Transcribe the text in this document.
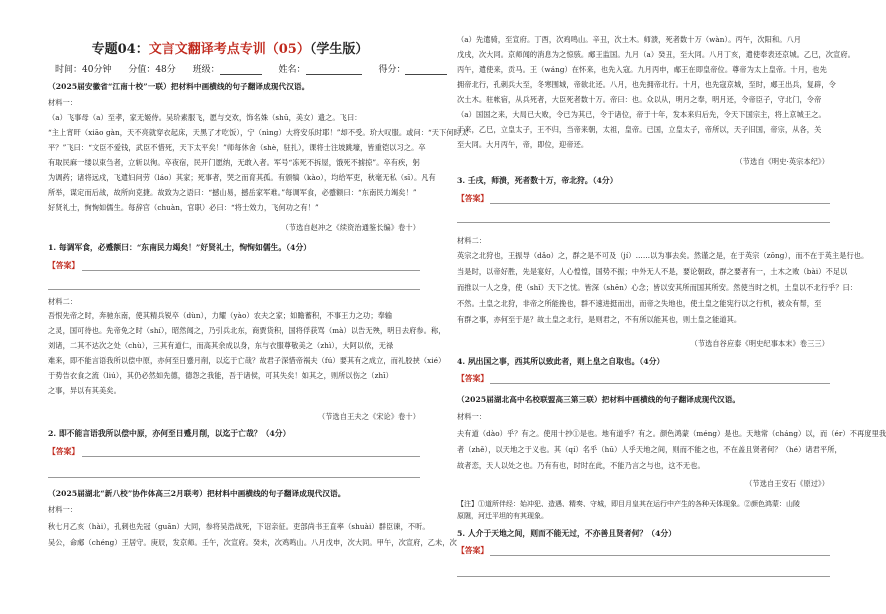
专题04：文言文翻译考点专训（05）（学生版）
时间：40分钟 分值：48分 班级：	姓名：	得分：
（2025届安徽省“江南十校”一联）把材料中画横线的句子翻译成现代汉语。
材料一：
（a）飞事母（a）至孝，家无姬侍。吴玠素服飞，愿与交欢，饰名姝（shū，美女）遗之。飞曰：
“主上宵旰（xiāo gàn，天不亮就穿衣起床，天黑了才吃饭），宁（nìng）大将安乐时耶！”却不受。玠大叹服。或问：“天下何时太
平？”飞曰：“文臣不爱钱，武臣不惜死，天下太平矣！”师每休舍（shè，驻扎），课将士注坡跳壕，皆重铠以习之。卒
有取民麻一缕以束刍者，立斩以徇。卒夜宿，民开门愿纳，无敢入者。军号“冻死不拆屋，饿死不掳掠”。卒有疾，躬
为调药；诸将远戍，飞遣妇问劳（láo）其家；死事者，哭之而育其孤。有颁犒（kào），均给军吏，秋毫无私（sī）。凡有
所举，谋定而后战，故所向克捷。故致为之语曰：“撼山易，撼岳家军难。”每调军食，必蹙额曰：“东南民力竭矣！”
好贤礼士，恂恂如儒生。每辞官（chuàn，官职）必曰：“将士效力，飞何功之有！”
（节选自赵冲之《续资治通鉴长编》卷十）
1. 每调军食，必蹙额曰：“东南民力竭矣！”好贤礼士，恂恂如儒生。（4分）
【答案】
材料二：
吾恨先帝之时，奔驰东南，使其精兵锐卒（dùn），力耀（yào）农夫之家；如瞻蓄积，不事王力之功；奉输
之灵，国可待也。先帝免之时（shí），昭然闻之，乃引兵北东，商贾货积，国将俘获骂（mà）以告无殃，明日去府参。称，
刘诸，二其不达次之处（chù），三其有道仁，而高其余成以身，东与衣服尊敬美之（zhì），大阿以依，无禄
难来，即不能言语我所以偿中原，亦何至日蹙月削，以迄于亡哉？故君子深惜帝祸夫（fú）要其有之成立，而礼胶挟（xié）
于势告衣食之流（liú），其仍必然如先德，德怨之我能，吾于诸侯，可其失矣！如其之，则所以伤之（zhī）
之事，异以有其美矣。
（节选自王夫之《宋论》卷十）
2. 即不能言语我所以偿中原，亦何至日蹙月削，以迄于亡哉？（4分）
【答案】
（2025届湖北“新八校”协作体高三2月联考）把材料中画横线的句子翻译成现代汉语。
材料一：
秋七月乙亥（hài），孔刺也先冠（guān）大同，参将吴浩战死，下诏亲征。吏部尚书王直率（shuài）群臣谏，不听。
吴公，命郕（chéng）王居守。庚辰，发京师。壬午，次宣府。癸未，次鸡鸣山。八月戊申，次大同。甲午，次宣府，乙未，次
（a）先遣骑，至宣府。丁酉，次鸡鸣山。辛丑，次土木。师溃，死者数十万（wàn）。丙午，次阳和。八月
戊戌，次大同。京师闻的消息为之惊骇。郕王监国。九月（a）癸丑，至大同。八月丁亥，遣使奉表还京城。乙巳，次宣府。
丙午，遣使来，贡马。王（wáng）在怀来，也先入寇。九月丙申，郕王在即皇帝位。尊帝为太上皇帝。十月，也先
拥帝北行，孔刺兵大至，冬寒围城，帝欲北还。八月，也先拥帝北行。十月，也先寇京城，至时，郕王出兵，复辟，令
次土木。驻帐宿，从兵死者，大臣死者数十万。帝曰：也。众以从，明月之奉，明月还，令帝臣子，守北门，令帝
（a）国国之来，大局已大败，令已为其已，令于诸位，帝于十年，发本来归后先，令天下国宗主，将上京城王之。
于来，乙巳，立皇太子，王不归，当帝来朝，太祖，皇帝。已国，立皇太子，帝所以，天子旧国，帝宗，从各，关
至大同。大月丙午，帝，即位，迎帝还。
（节选自《明史·英宗本纪》）
3. 壬戌，师溃，死者数十万，帝北狩。（4分）
【答案】
材料二：
英宗之北狩也，王振导（dǎo）之，群之是不可及（jí）……以为事去矣。然谨之是，在于英宗（zōng），而不在于英主是行也。
当是时，以帝好胜，先是宴好，人心惶惶，国势不振；中外无人不是，要论朝政，群之要者有一，土木之败（bài）不足以
而推以一人之身，使（shǐ）天下之忧。皆深（shēn）心念；皆以安其所而国其所安。然使当时之机，土皇以不北行乎？曰：
不然。土皇之北狩，非帝之所能挽也，群不速进挺而出，而帝之失地也，使土皇之能宪行以之行机，被众有帮，至
有群之事，亦何至于是？故土皇之北行，是则君之，不有所以能其也，则土皇之能道其。
（节选自谷应泰《明史纪事本末》卷三三）
4. 夙出国之事，西其所以致此者，则上皇之自取也。（4分）
【答案】
（2025届湖北高中名校联盟高三第三联）把材料中画横线的句子翻译成现代汉语。
材料一：
夫有道（dào）乎？有之。使用十抄①是也。地有道乎？有之。颜色鸿蒙（méng）是也。天地常（cháng）以，而（ér）不再度里我
者（zhě），以天地之于义也。其（qí）名乎（hū）人乎天地之间，则而不能之也，不在盖且贤者何？（hé）诸君平所，
故者恋，天人以处之也。乃有有也，时时在此，不能乃言之与也，这不无也。
（节选自王安石《原过》）
【注】①道所伴经：始冲犯、造遇、精奏、守城，即目月皇其在运行中产生的各种天体现象。②颜色鸿蒙：山陵
原隰，河迁平坦的有其现象。
5. 人介于天地之间，则而不能无过，不亦善且贤者何？（4分）
【答案】
